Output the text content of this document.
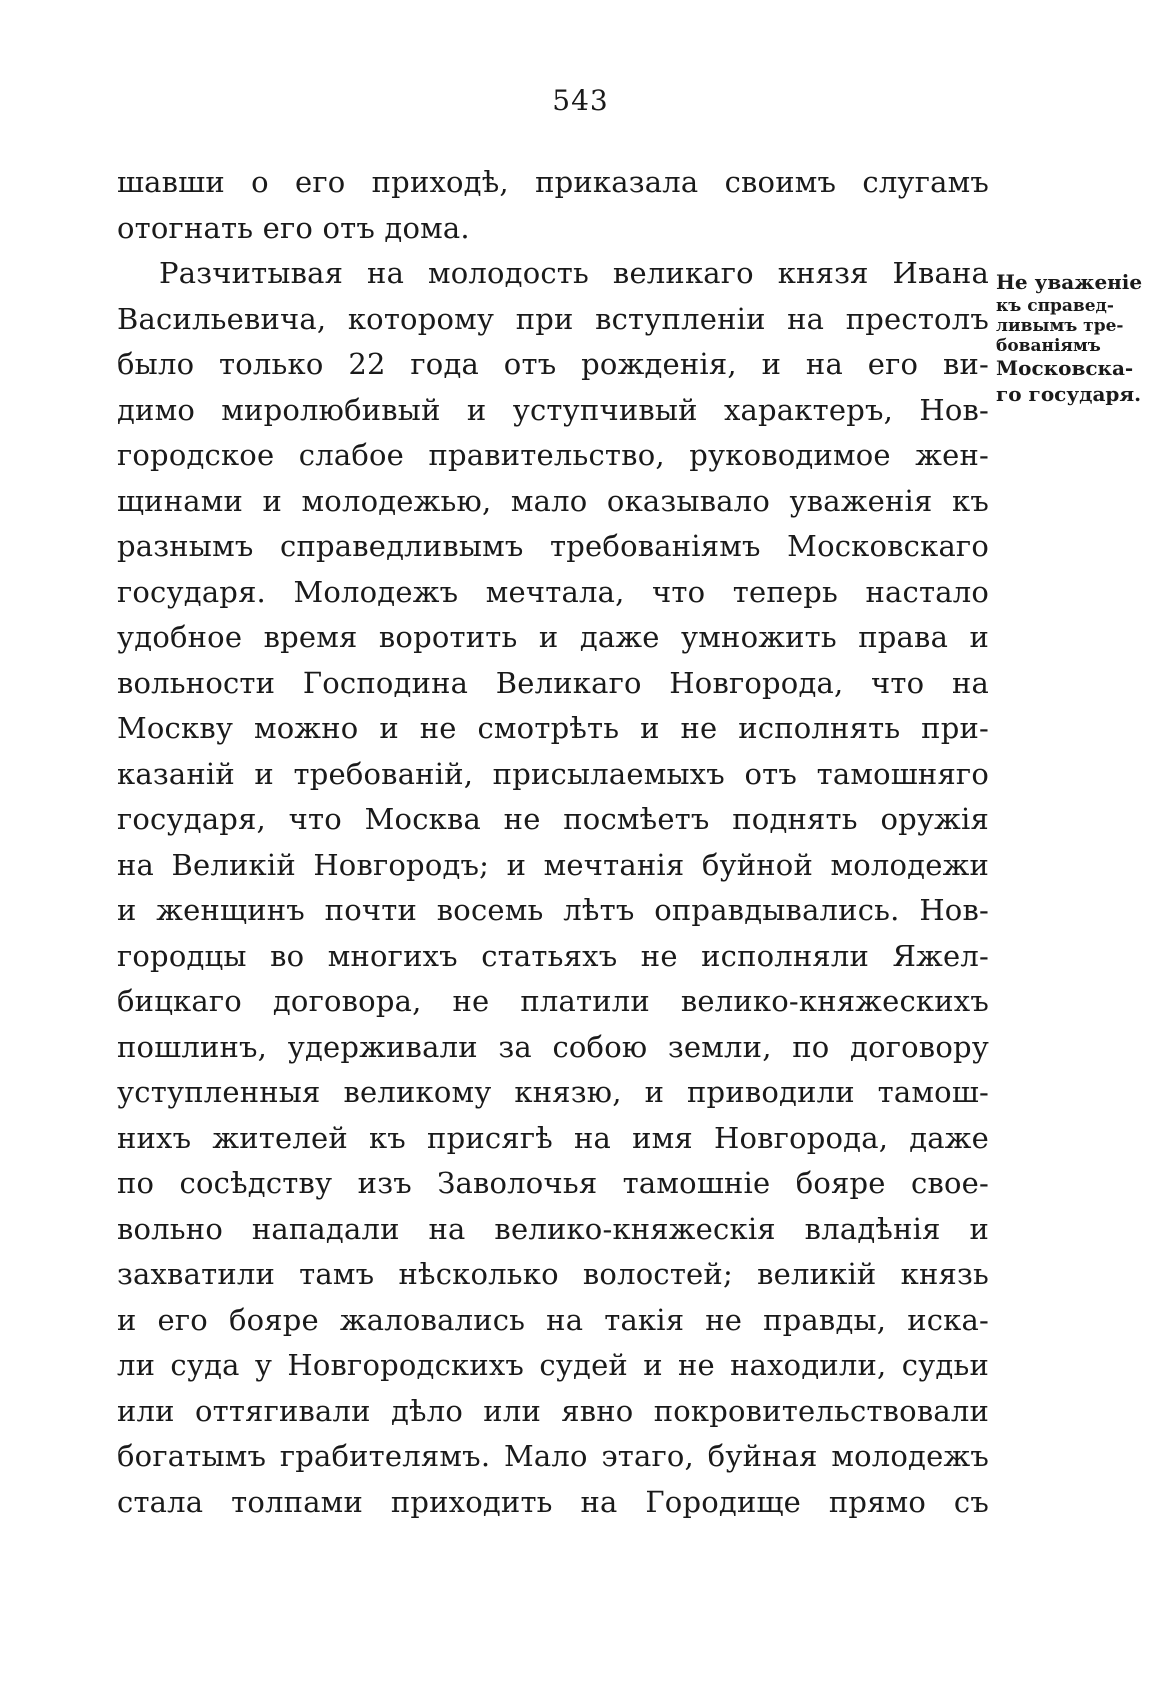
543
шавши о его приходѣ, приказала своимъ слугамъ
отогнать его отъ дома.
Разчитывая на молодость великаго князя Ивана
Васильевича, которому при вступленіи на престолъ
было только 22 года отъ рожденія, и на его ви-
димо миролюбивый и уступчивый характеръ, Нов-
городское слабое правительство, руководимое жен-
щинами и молодежью, мало оказывало уваженія къ
разнымъ справедливымъ требованіямъ Московскаго
государя. Молодежъ мечтала, что теперь настало
удобное время воротить и даже умножить права и
вольности Господина Великаго Новгорода, что на
Москву можно и не смотрѣть и не исполнять при-
казаній и требованій, присылаемыхъ отъ тамошняго
государя, что Москва не посмѣетъ поднять оружія
на Великій Новгородъ; и мечтанія буйной молодежи
и женщинъ почти восемь лѣтъ оправдывались. Нов-
городцы во многихъ статьяхъ не исполняли Яжел-
бицкаго договора, не платили велико-княжескихъ
пошлинъ, удерживали за собою земли, по договору
уступленныя великому князю, и приводили тамош-
нихъ жителей къ присягѣ на имя Новгорода, даже
по сосѣдству изъ Заволочья тамошніе бояре свое-
вольно нападали на велико-княжескія владѣнія и
захватили тамъ нѣсколько волостей; великій князь
и его бояре жаловались на такія не правды, иска-
ли суда у Новгородскихъ судей и не находили, судьи
или оттягивали дѣло или явно покровительствовали
богатымъ грабителямъ. Мало этаго, буйная молодежъ
стала толпами приходить на Городище прямо съ
Не уваженіе
къ справед-
ливымъ тре-
бованіямъ
Московска-
го государя.
